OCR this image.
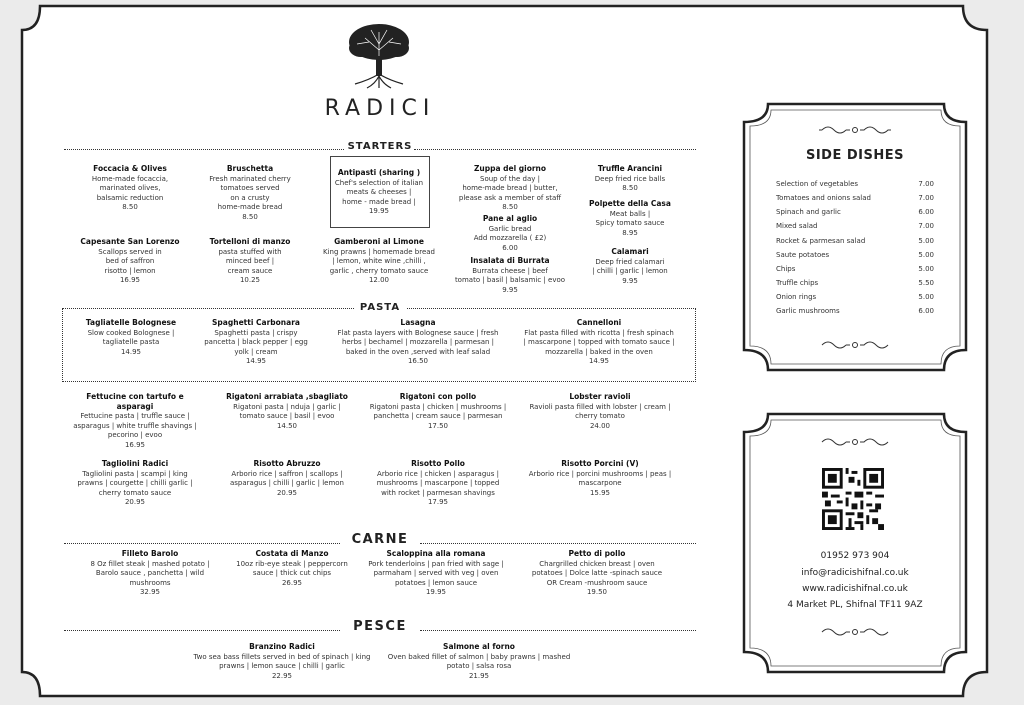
RADICI
STARTERS
Foccacia & Olives
Home-made focaccia,
marinated olives,
balsamic reduction
8.50
Bruschetta
Fresh marinated cherry
tomatoes served
on a crusty
home-made bread
8.50
Antipasti (sharing )
Chef's selection of italian
meats & cheeses |
home - made bread |
19.95
Zuppa del giorno
Soup of the day |
home-made bread | butter,
please ask a member of staff
8.50
Truffle Arancini
Deep fried rice balls
8.50
Polpette della Casa
Meat balls |
Spicy tomato sauce
8.95
Pane al aglio
Garlic bread
Add mozzarella ( £2)
6.00
Insalata di Burrata
Burrata cheese | beef
tomato | basil | balsamic | evoo
9.95
Capesante San Lorenzo
Scallops served in
bed of saffron
risotto | lemon
16.95
Tortelloni di manzo
pasta stuffed with
minced beef |
cream sauce
10.25
Gamberoni al Limone
King prawns | homemade bread
| lemon, white wine ,chilli ,
garlic , cherry tomato sauce
12.00
Calamari
Deep fried calamari
| chilli | garlic | lemon
9.95
PASTA
Tagliatelle Bolognese
Slow cooked Bolognese |
tagliatelle pasta
14.95
Spaghetti Carbonara
Spaghetti pasta | crispy
pancetta | black pepper | egg
yolk | cream
14.95
Lasagna
Flat pasta layers with Bolognese sauce | fresh
herbs | bechamel | mozzarella | parmesan |
baked in the oven ,served with leaf salad
16.50
Cannelloni
Flat pasta filled with ricotta | fresh spinach
| mascarpone | topped with tomato sauce |
mozzarella | baked in the oven
14.95
Fettucine con tartufo e asparagi
Fettucine pasta | truffle sauce |
asparagus | white truffle shavings |
pecorino | evoo
16.95
Rigatoni arrabiata ,sbagliato
Rigatoni pasta | nduja | garlic |
tomato sauce | basil | evoo
14.50
Rigatoni con pollo
Rigatoni pasta | chicken | mushrooms |
panchetta | cream sauce | parmesan
17.50
Lobster ravioli
Ravioli pasta filled with lobster | cream |
cherry tomato
24.00
Tagliolini Radici
Tagliolini pasta | scampi | king
prawns | courgette | chilli garlic |
cherry tomato sauce
20.95
Risotto Abruzzo
Arborio rice | saffron | scallops |
asparagus | chilli | garlic | lemon
20.95
Risotto Pollo
Arborio rice | chicken | asparagus |
mushrooms | mascarpone | topped
with rocket | parmesan shavings
17.95
Risotto Porcini (V)
Arborio rice | porcini mushrooms | peas |
mascarpone
15.95
CARNE
Filleto Barolo
8 Oz fillet steak | mashed potato |
Barolo sauce , panchetta | wild
mushrooms
32.95
Costata di Manzo
10oz rib-eye steak | peppercorn
sauce | thick cut chips
26.95
Scaloppina alla romana
Pork tenderloins | pan fried with sage |
parmaham | served with veg | oven
potatoes | lemon sauce
19.95
Petto di pollo
Chargrilled chicken breast | oven
potatoes | Dolce latte -spinach sauce
OR Cream -mushroom sauce
19.50
PESCE
Branzino Radici
Two sea bass fillets served in bed of spinach | king
prawns | lemon sauce | chilli | garlic
22.95
Salmone al forno
Oven baked fillet of salmon | baby prawns | mashed
potato | salsa rosa
21.95
SIDE DISHES
Selection of vegetables	7.00
Tomatoes and onions salad	7.00
Spinach and garlic	6.00
Mixed salad	7.00
Rocket & parmesan salad	5.00
Saute potatoes	5.00
Chips	5.00
Truffle chips	5.50
Onion rings	5.00
Garlic mushrooms	6.00
01952 973 904
info@radicishifnal.co.uk
www.radicishifnal.co.uk
4 Market PL, Shifnal TF11 9AZ
